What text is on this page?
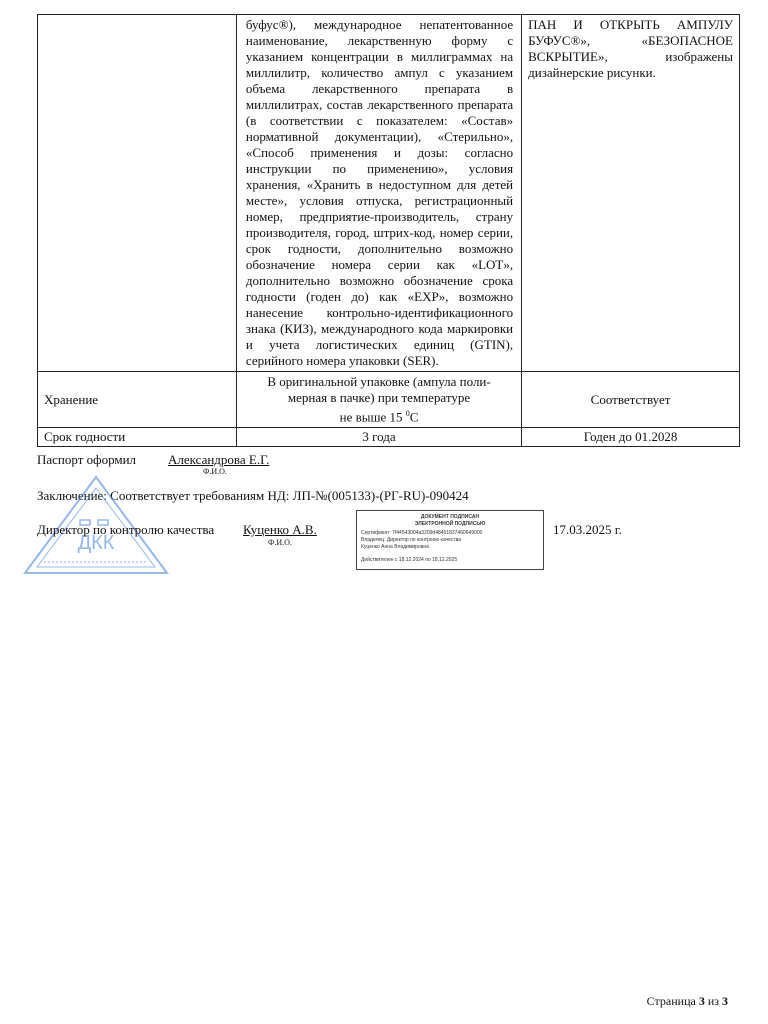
	буфус®), международное непатентованное наименование, лекарственную форму с указанием концентрации в миллиграммах на миллилитр, количество ампул с указанием объема лекарственного препарата в миллилитрах, состав лекарственного препарата (в соответствии с показателем: «Состав» нормативной документации), «Стерильно», «Способ применения и дозы: согласно инструкции по применению», условия хранения, «Хранить в недоступном для детей месте», условия отпуска, регистрационный номер, предприятие-производитель, страну производителя, город, штрих-код, номер серии, срок годности, дополнительно возможно обозначение номера серии как «LOT», дополнительно возможно обозначение срока годности (годен до) как «EXP», возможно нанесение контрольно-идентификационного знака (КИЗ), международного кода маркировки и учета логистических единиц (GTIN), серийного номера упаковки (SER).	ПАН И ОТКРЫТЬ АМПУЛУ БУФУС®», «БЕЗОПАСНОЕ ВСКРЫТИЕ», изображены дизайнерские рисунки.
Хранение	В оригинальной упаковке (ампула поли-
мерная в пачке) при температуре
не выше 15 $^0$С	Соответствует
Срок годности	3 года	Годен до 01.2028
Паспорт оформил Александрова Е.Г.
Ф.И.О.
Заключение: Соответствует требованиям НД: ЛП-№(005133)-(РГ-RU)-090424
ДКК
Директор по контролю качества Куценко А.В.
Ф.И.О.
17.03.2025 г.
ДОКУМЕНТ ПОДПИСАН
ЭЛЕКТРОННОЙ ПОДПИСЬЮ
Сертификат: 7f44543004a3209d48451837460649000
Владелец: Директор по контролю качества
Куценко Анна Владимировна
Действителен с 18.12.2024 по 18.12.2025
Страница 3 из 3
